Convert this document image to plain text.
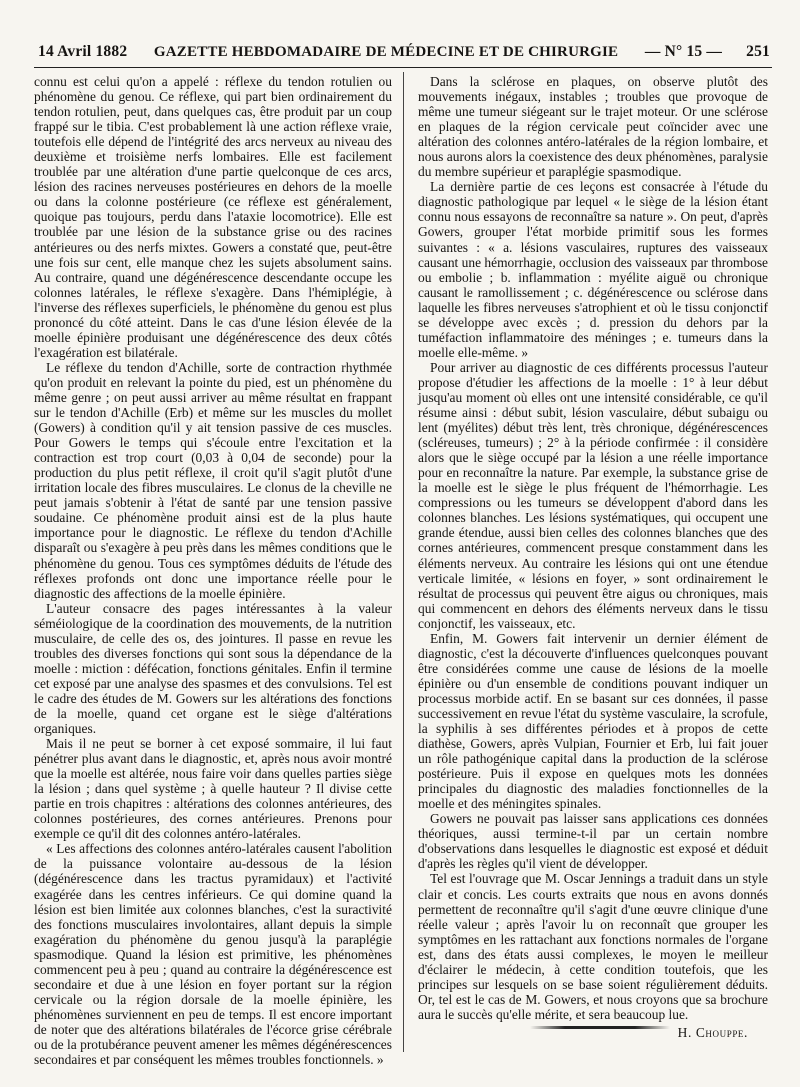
14 Avril 1882	GAZETTE HEBDOMADAIRE DE MÉDECINE ET DE CHIRURGIE	— N° 15 — 251

connu est celui qu'on a appelé : réflexe du tendon rotulien ou phénomène du genou. Ce réflexe, qui part bien ordinairement du tendon rotulien, peut, dans quelques cas, être produit par un coup frappé sur le tibia. C'est probablement là une action réflexe vraie, toutefois elle dépend de l'intégrité des arcs nerveux au niveau des deuxième et troisième nerfs lombaires. Elle est facilement troublée par une altération d'une partie quelconque de ces arcs, lésion des racines nerveuses postérieures en dehors de la moelle ou dans la colonne postérieure (ce réflexe est généralement, quoique pas toujours, perdu dans l'ataxie locomotrice). Elle est troublée par une lésion de la substance grise ou des racines antérieures ou des nerfs mixtes. Gowers a constaté que, peut-être une fois sur cent, elle manque chez les sujets absolument sains. Au contraire, quand une dégénérescence descendante occupe les colonnes latérales, le réflexe s'exagère. Dans l'hémiplégie, à l'inverse des réflexes superficiels, le phénomène du genou est plus prononcé du côté atteint. Dans le cas d'une lésion élevée de la moelle épinière produisant une dégénérescence des deux côtés l'exagération est bilatérale.

Le réflexe du tendon d'Achille, sorte de contraction rhythmée qu'on produit en relevant la pointe du pied, est un phénomène du même genre ; on peut aussi arriver au même résultat en frappant sur le tendon d'Achille (Erb) et même sur les muscles du mollet (Gowers) à condition qu'il y ait tension passive de ces muscles. Pour Gowers le temps qui s'écoule entre l'excitation et la contraction est trop court (0,03 à 0,04 de seconde) pour la production du plus petit réflexe, il croit qu'il s'agit plutôt d'une irritation locale des fibres musculaires. Le clonus de la cheville ne peut jamais s'obtenir à l'état de santé par une tension passive soudaine. Ce phénomène produit ainsi est de la plus haute importance pour le diagnostic. Le réflexe du tendon d'Achille disparaît ou s'exagère à peu près dans les mêmes conditions que le phénomène du genou. Tous ces symptômes déduits de l'étude des réflexes profonds ont donc une importance réelle pour le diagnostic des affections de la moelle épinière.

L'auteur consacre des pages intéressantes à la valeur séméiologique de la coordination des mouvements, de la nutrition musculaire, de celle des os, des jointures. Il passe en revue les troubles des diverses fonctions qui sont sous la dépendance de la moelle : miction : défécation, fonctions génitales. Enfin il termine cet exposé par une analyse des spasmes et des convulsions. Tel est le cadre des études de M. Gowers sur les altérations des fonctions de la moelle, quand cet organe est le siège d'altérations organiques.

Mais il ne peut se borner à cet exposé sommaire, il lui faut pénétrer plus avant dans le diagnostic, et, après nous avoir montré que la moelle est altérée, nous faire voir dans quelles parties siège la lésion ; dans quel système ; à quelle hauteur ? Il divise cette partie en trois chapitres : altérations des colonnes antérieures, des colonnes postérieures, des cornes antérieures. Prenons pour exemple ce qu'il dit des colonnes antéro-latérales.

« Les affections des colonnes antéro-latérales causent l'abolition de la puissance volontaire au-dessous de la lésion (dégénérescence dans les tractus pyramidaux) et l'activité exagérée dans les centres inférieurs. Ce qui domine quand la lésion est bien limitée aux colonnes blanches, c'est la suractivité des fonctions musculaires involontaires, allant depuis la simple exagération du phénomène du genou jusqu'à la paraplégie spasmodique. Quand la lésion est primitive, les phénomènes commencent peu à peu ; quand au contraire la dégénérescence est secondaire et due à une lésion en foyer portant sur la région cervicale ou la région dorsale de la moelle épinière, les phénomènes surviennent en peu de temps. Il est encore important de noter que des altérations bilatérales de l'écorce grise cérébrale ou de la protubérance peuvent amener les mêmes dégénérescences secondaires et par conséquent les mêmes troubles fonctionnels. »

Dans la sclérose en plaques, on observe plutôt des mouvements inégaux, instables ; troubles que provoque de même une tumeur siégeant sur le trajet moteur. Or une sclérose en plaques de la région cervicale peut coïncider avec une altération des colonnes antéro-latérales de la région lombaire, et nous aurons alors la coexistence des deux phénomènes, paralysie du membre supérieur et paraplégie spasmodique.

La dernière partie de ces leçons est consacrée à l'étude du diagnostic pathologique par lequel « le siège de la lésion étant connu nous essayons de reconnaître sa nature ». On peut, d'après Gowers, grouper l'état morbide primitif sous les formes suivantes : « a. lésions vasculaires, ruptures des vaisseaux causant une hémorrhagie, occlusion des vaisseaux par thrombose ou embolie ; b. inflammation : myélite aiguë ou chronique causant le ramollissement ; c. dégénérescence ou sclérose dans laquelle les fibres nerveuses s'atrophient et où le tissu conjonctif se développe avec excès ; d. pression du dehors par la tuméfaction inflammatoire des méninges ; e. tumeurs dans la moelle elle-même. »

Pour arriver au diagnostic de ces différents processus l'auteur propose d'étudier les affections de la moelle : 1° à leur début jusqu'au moment où elles ont une intensité considérable, ce qu'il résume ainsi : début subit, lésion vasculaire, début subaigu ou lent (myélites) début très lent, très chronique, dégénérescences (scléreuses, tumeurs) ; 2° à la période confirmée : il considère alors que le siège occupé par la lésion a une réelle importance pour en reconnaître la nature. Par exemple, la substance grise de la moelle est le siège le plus fréquent de l'hémorrhagie. Les compressions ou les tumeurs se développent d'abord dans les colonnes blanches. Les lésions systématiques, qui occupent une grande étendue, aussi bien celles des colonnes blanches que des cornes antérieures, commencent presque constamment dans les éléments nerveux. Au contraire les lésions qui ont une étendue verticale limitée, « lésions en foyer, » sont ordinairement le résultat de processus qui peuvent être aigus ou chroniques, mais qui commencent en dehors des éléments nerveux dans le tissu conjonctif, les vaisseaux, etc.

Enfin, M. Gowers fait intervenir un dernier élément de diagnostic, c'est la découverte d'influences quelconques pouvant être considérées comme une cause de lésions de la moelle épinière ou d'un ensemble de conditions pouvant indiquer un processus morbide actif. En se basant sur ces données, il passe successivement en revue l'état du système vasculaire, la scrofule, la syphilis à ses différentes périodes et à propos de cette diathèse, Gowers, après Vulpian, Fournier et Erb, lui fait jouer un rôle pathogénique capital dans la production de la sclérose postérieure. Puis il expose en quelques mots les données principales du diagnostic des maladies fonctionnelles de la moelle et des méningites spinales.

Gowers ne pouvait pas laisser sans applications ces données théoriques, aussi termine-t-il par un certain nombre d'observations dans lesquelles le diagnostic est exposé et déduit d'après les règles qu'il vient de développer.

Tel est l'ouvrage que M. Oscar Jennings a traduit dans un style clair et concis. Les courts extraits que nous en avons donnés permettent de reconnaître qu'il s'agit d'une œuvre clinique d'une réelle valeur ; après l'avoir lu on reconnaît que grouper les symptômes en les rattachant aux fonctions normales de l'organe est, dans des états aussi complexes, le moyen le meilleur d'éclairer le médecin, à cette condition toutefois, que les principes sur lesquels on se base soient régulièrement déduits. Or, tel est le cas de M. Gowers, et nous croyons que sa brochure aura le succès qu'elle mérite, et sera beaucoup lue.

H. Chouppe.
